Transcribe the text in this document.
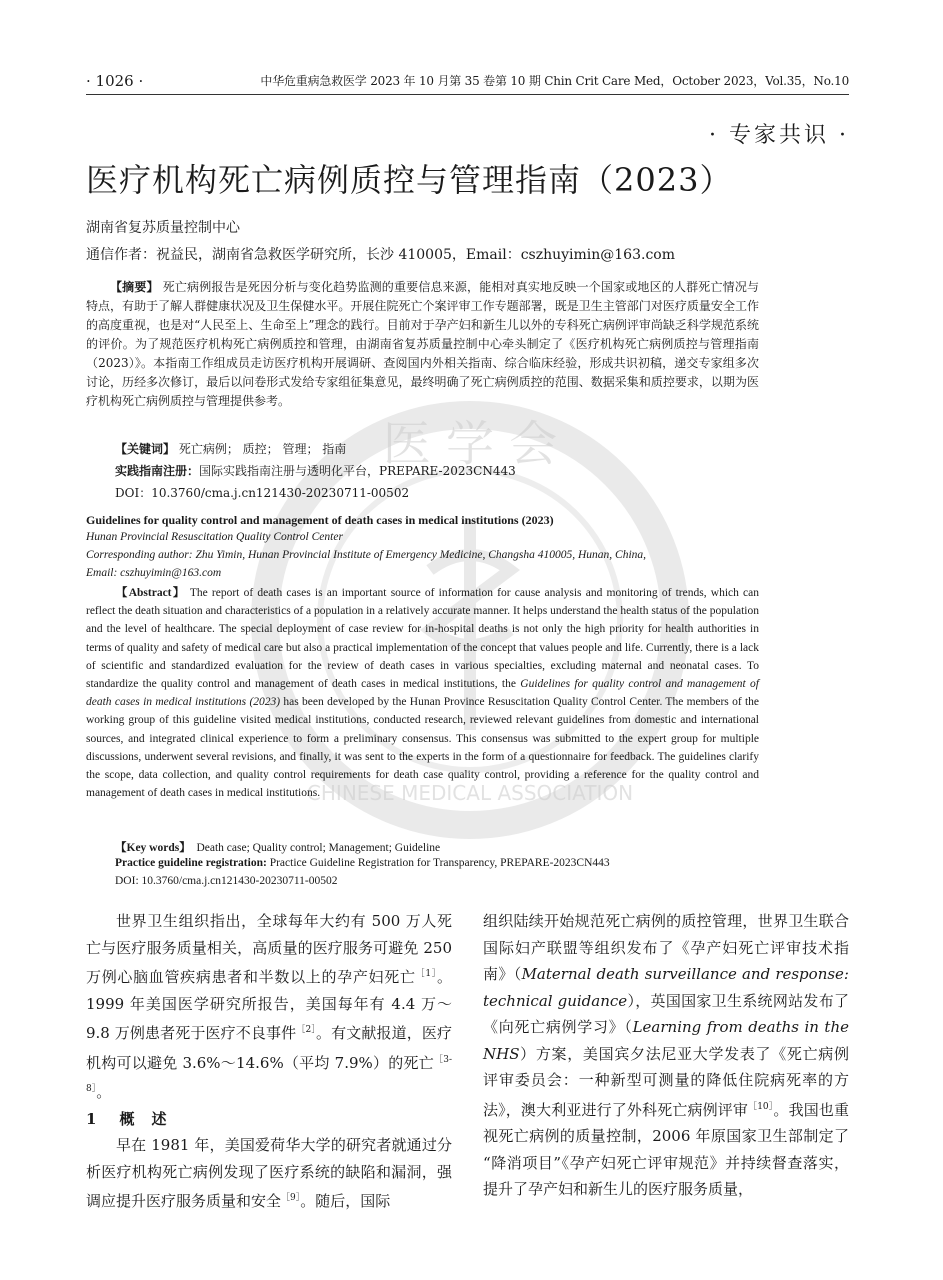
医 学 会
CHINESE MEDICAL ASSOCIATION
· 1026 ·	中华危重病急救医学 2023 年 10 月第 35 卷第 10 期 Chin Crit Care Med，October 2023，Vol.35，No.10
· 专家共识 ·
医疗机构死亡病例质控与管理指南（2023）
湖南省复苏质量控制中心
通信作者：祝益民，湖南省急救医学研究所，长沙 410005，Email：cszhuyimin@163.com
【摘要】 死亡病例报告是死因分析与变化趋势监测的重要信息来源，能相对真实地反映一个国家或地区的人群死亡情况与特点，有助于了解人群健康状况及卫生保健水平。开展住院死亡个案评审工作专题部署，既是卫生主管部门对医疗质量安全工作的高度重视，也是对“人民至上、生命至上”理念的践行。目前对于孕产妇和新生儿以外的专科死亡病例评审尚缺乏科学规范系统的评价。为了规范医疗机构死亡病例质控和管理，由湖南省复苏质量控制中心牵头制定了《医疗机构死亡病例质控与管理指南（2023）》。本指南工作组成员走访医疗机构开展调研、查阅国内外相关指南、综合临床经验，形成共识初稿，递交专家组多次讨论，历经多次修订，最后以问卷形式发给专家组征集意见，最终明确了死亡病例质控的范围、数据采集和质控要求，以期为医疗机构死亡病例质控与管理提供参考。
【关键词】 死亡病例； 质控； 管理； 指南
实践指南注册：国际实践指南注册与透明化平台，PREPARE-2023CN443
DOI：10.3760/cma.j.cn121430-20230711-00502
Guidelines for quality control and management of death cases in medical institutions (2023)
Hunan Provincial Resuscitation Quality Control Center
Corresponding author: Zhu Yimin, Hunan Provincial Institute of Emergency Medicine, Changsha 410005, Hunan, China,
Email: cszhuyimin@163.com
【Abstract】 The report of death cases is an important source of information for cause analysis and monitoring of trends, which can reflect the death situation and characteristics of a population in a relatively accurate manner. It helps understand the health status of the population and the level of healthcare. The special deployment of case review for in-hospital deaths is not only the high priority for health authorities in terms of quality and safety of medical care but also a practical implementation of the concept that values people and life. Currently, there is a lack of scientific and standardized evaluation for the review of death cases in various specialties, excluding maternal and neonatal cases. To standardize the quality control and management of death cases in medical institutions, the Guidelines for quality control and management of death cases in medical institutions (2023) has been developed by the Hunan Province Resuscitation Quality Control Center. The members of the working group of this guideline visited medical institutions, conducted research, reviewed relevant guidelines from domestic and international sources, and integrated clinical experience to form a preliminary consensus. This consensus was submitted to the expert group for multiple discussions, underwent several revisions, and finally, it was sent to the experts in the form of a questionnaire for feedback. The guidelines clarify the scope, data collection, and quality control requirements for death case quality control, providing a reference for the quality control and management of death cases in medical institutions.
【Key words】 Death case; Quality control; Management; Guideline
Practice guideline registration: Practice Guideline Registration for Transparency, PREPARE-2023CN443
DOI: 10.3760/cma.j.cn121430-20230711-00502

世界卫生组织指出，全球每年大约有 500 万人死亡与医疗服务质量相关，高质量的医疗服务可避免 250 万例心脑血管疾病患者和半数以上的孕产妇死亡$^{[1]}$。1999 年美国医学研究所报告，美国每年有 4.4 万～9.8 万例患者死于医疗不良事件$^{[2]}$。有文献报道，医疗机构可以避免 3.6%～14.6%（平均 7.9%）的死亡$^{[3-8]}$。

1 概　述

早在 1981 年，美国爱荷华大学的研究者就通过分析医疗机构死亡病例发现了医疗系统的缺陷和漏洞，强调应提升医疗服务质量和安全$^{[9]}$。随后，国际

组织陆续开始规范死亡病例的质控管理，世界卫生联合国际妇产联盟等组织发布了《孕产妇死亡评审技术指南》（Maternal death surveillance and response: technical guidance），英国国家卫生系统网站发布了《向死亡病例学习》（Learning from deaths in the NHS）方案，美国宾夕法尼亚大学发表了《死亡病例评审委员会：一种新型可测量的降低住院病死率的方法》，澳大利亚进行了外科死亡病例评审$^{[10]}$。我国也重视死亡病例的质量控制，2006 年原国家卫生部制定了 “降消项目”《孕产妇死亡评审规范》并持续督查落实，提升了孕产妇和新生儿的医疗服务质量，
